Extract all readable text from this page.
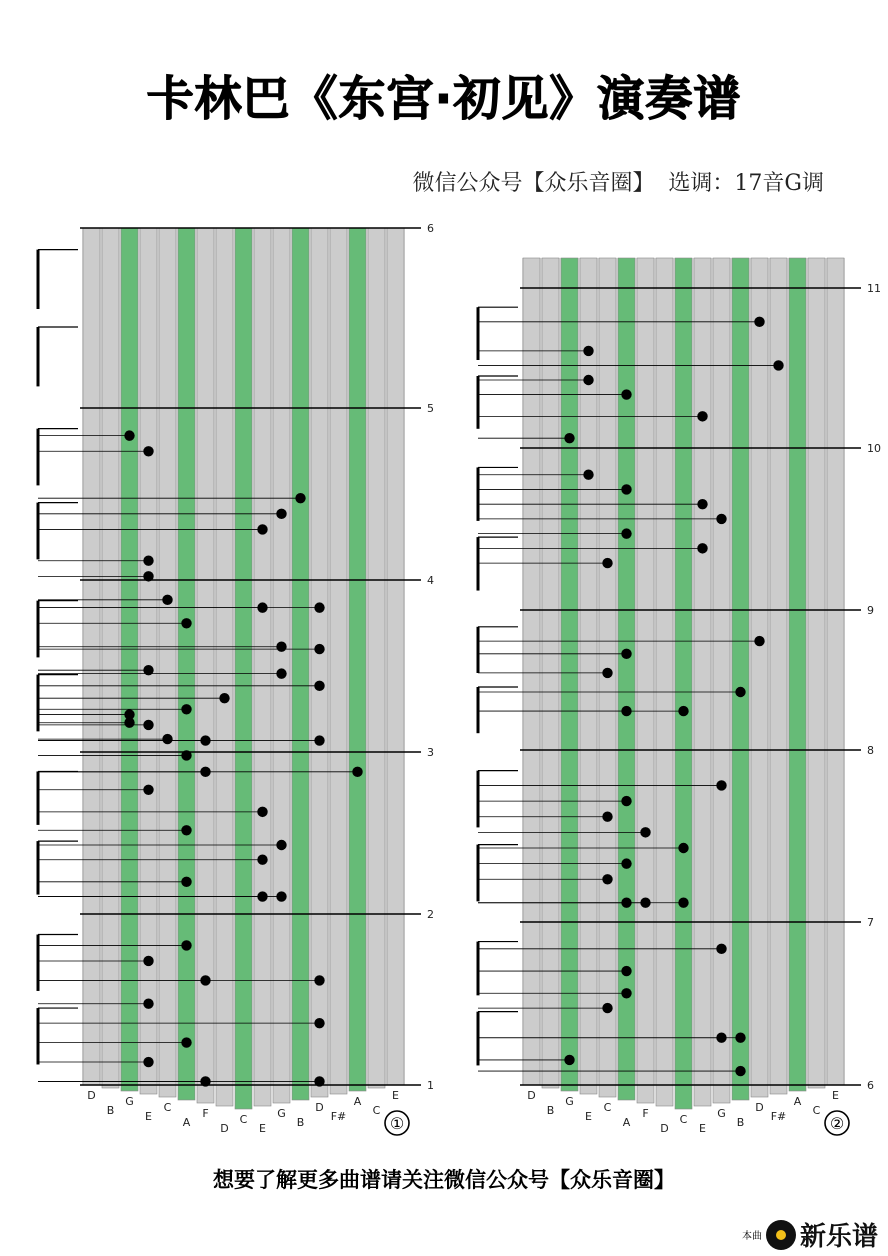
卡林巴《东宫·初见》演奏谱
微信公众号【众乐音圈】  选调：17音G调
D
B
G
E
C
A
F
D
C
E
G
B
D
F#
A
C
E
6
5
4
3
2
1
①
D
B
G
E
C
A
F
D
C
E
G
B
D
F#
A
C
E
11
10
9
8
7
6
②
想要了解更多曲谱请关注微信公众号【众乐音圈】
本曲 新乐谱
